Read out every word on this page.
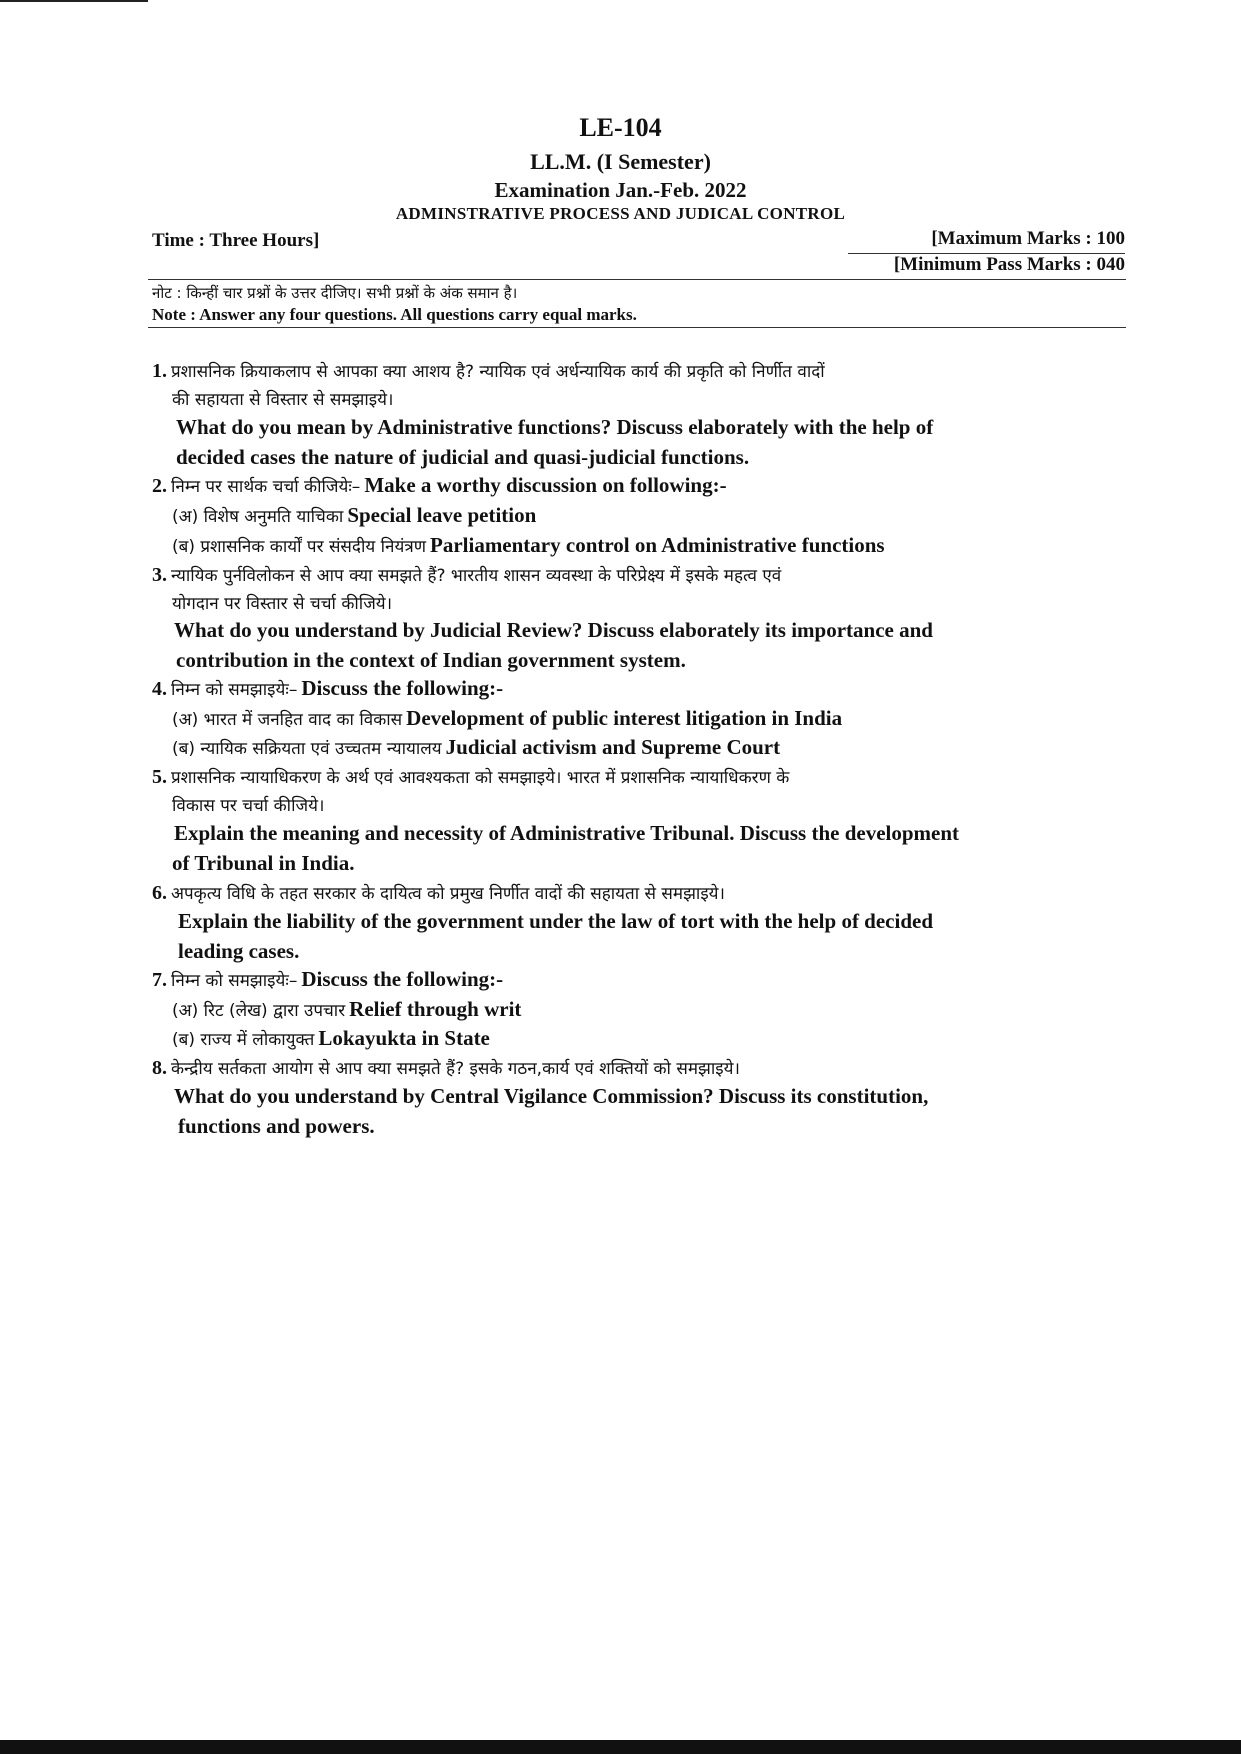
LE-104
LL.M. (I Semester)
Examination Jan.-Feb. 2022
ADMINSTRATIVE PROCESS AND JUDICAL CONTROL
Time : Three Hours]	[Maximum Marks : 100
[Minimum Pass Marks : 040
नोट : किन्हीं चार प्रश्नों के उत्तर दीजिए। सभी प्रश्नों के अंक समान है।
Note : Answer any four questions. All questions carry equal marks.
1. प्रशासनिक क्रियाकलाप से आपका क्या आशय है? न्यायिक एवं अर्धन्यायिक कार्य की प्रकृति को निर्णीत वादों
की सहायता से विस्तार से समझाइये।
What do you mean by Administrative functions? Discuss elaborately with the help of
decided cases the nature of judicial and quasi-judicial functions.
2. निम्न पर सार्थक चर्चा कीजियेः– Make a worthy discussion on following:-
(अ) विशेष अनुमति याचिका Special leave petition
(ब) प्रशासनिक कार्यों पर संसदीय नियंत्रण Parliamentary control on Administrative functions
3. न्यायिक पुर्नविलोकन से आप क्या समझते हैं? भारतीय शासन व्यवस्था के परिप्रेक्ष्य में इसके महत्व एवं
योगदान पर विस्तार से चर्चा कीजिये।
What do you understand by Judicial Review? Discuss elaborately its importance and
contribution in the context of Indian government system.
4. निम्न को समझाइयेः– Discuss the following:-
(अ) भारत में जनहित वाद का विकास Development of public interest litigation in India
(ब) न्यायिक सक्रियता एवं उच्चतम न्यायालय Judicial activism and Supreme Court
5. प्रशासनिक न्यायाधिकरण के अर्थ एवं आवश्यकता को समझाइये। भारत में प्रशासनिक न्यायाधिकरण के
विकास पर चर्चा कीजिये।
Explain the meaning and necessity of Administrative Tribunal. Discuss the development
of Tribunal in India.
6. अपकृत्य विधि के तहत सरकार के दायित्व को प्रमुख निर्णीत वादों की सहायता से समझाइये।
Explain the liability of the government under the law of tort with the help of decided
leading cases.
7. निम्न को समझाइयेः– Discuss the following:-
(अ) रिट (लेख) द्वारा उपचार Relief through writ
(ब) राज्य में लोकायुक्त Lokayukta in State
8. केन्द्रीय सर्तकता आयोग से आप क्या समझते हैं? इसके गठन,कार्य एवं शक्तियों को समझाइये।
What do you understand by Central Vigilance Commission? Discuss its constitution,
functions and powers.
